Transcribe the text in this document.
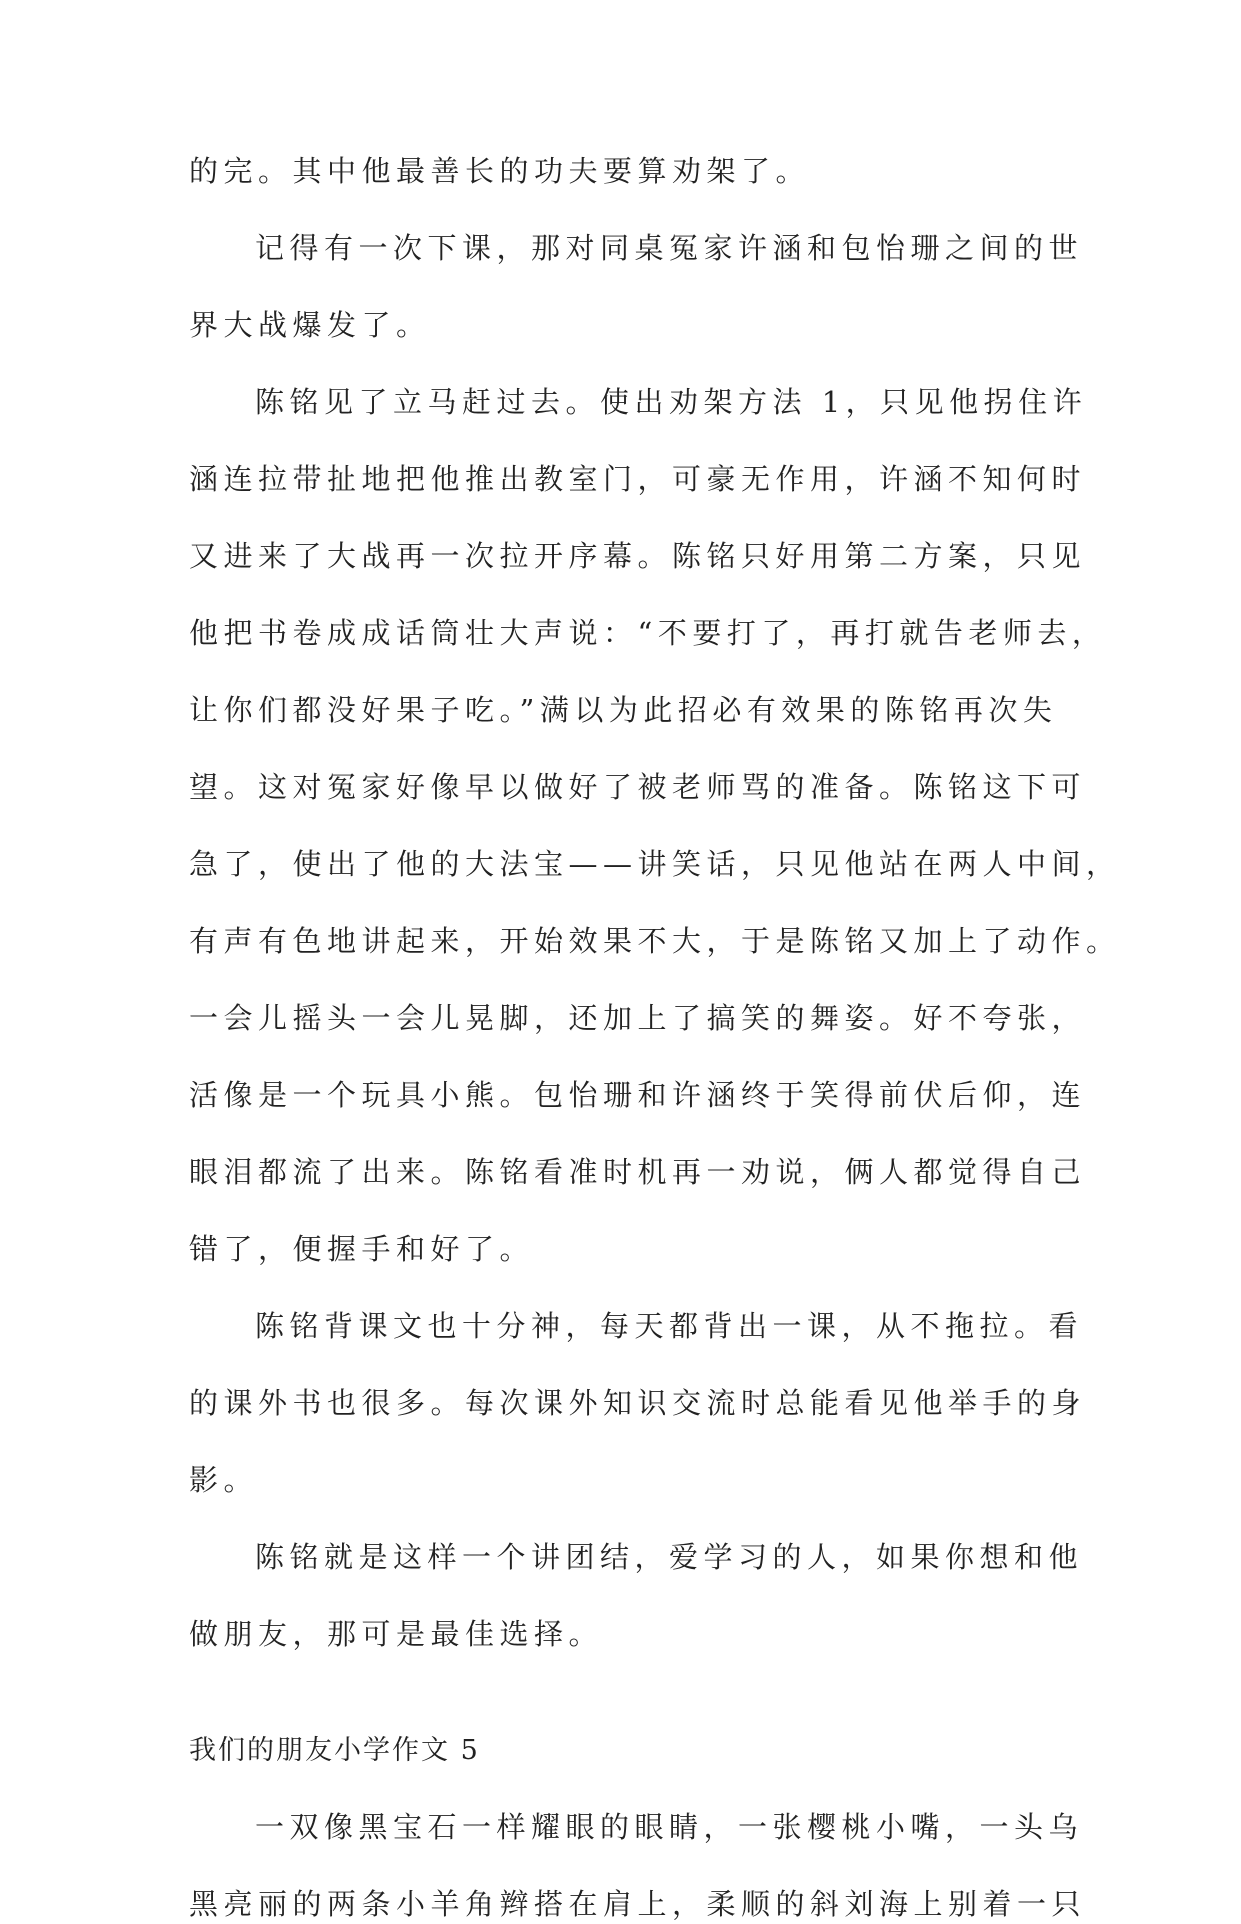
的完。其中他最善长的功夫要算劝架了。
记得有一次下课，那对同桌冤家许涵和包怡珊之间的世
界大战爆发了。
陈铭见了立马赶过去。使出劝架方法 1，只见他拐住许
涵连拉带扯地把他推出教室门，可豪无作用，许涵不知何时
又进来了大战再一次拉开序幕。陈铭只好用第二方案，只见
他把书卷成成话筒壮大声说：“不要打了，再打就告老师去，
让你们都没好果子吃。”满以为此招必有效果的陈铭再次失
望。这对冤家好像早以做好了被老师骂的准备。陈铭这下可
急了，使出了他的大法宝——讲笑话，只见他站在两人中间，
有声有色地讲起来，开始效果不大，于是陈铭又加上了动作。
一会儿摇头一会儿晃脚，还加上了搞笑的舞姿。好不夸张，
活像是一个玩具小熊。包怡珊和许涵终于笑得前伏后仰，连
眼泪都流了出来。陈铭看准时机再一劝说，俩人都觉得自己
错了，便握手和好了。
陈铭背课文也十分神，每天都背出一课，从不拖拉。看
的课外书也很多。每次课外知识交流时总能看见他举手的身
影。
陈铭就是这样一个讲团结，爱学习的人，如果你想和他
做朋友，那可是最佳选择。
我们的朋友小学作文 5
一双像黑宝石一样耀眼的眼睛，一张樱桃小嘴，一头乌
黑亮丽的两条小羊角辫搭在肩上，柔顺的斜刘海上别着一只
